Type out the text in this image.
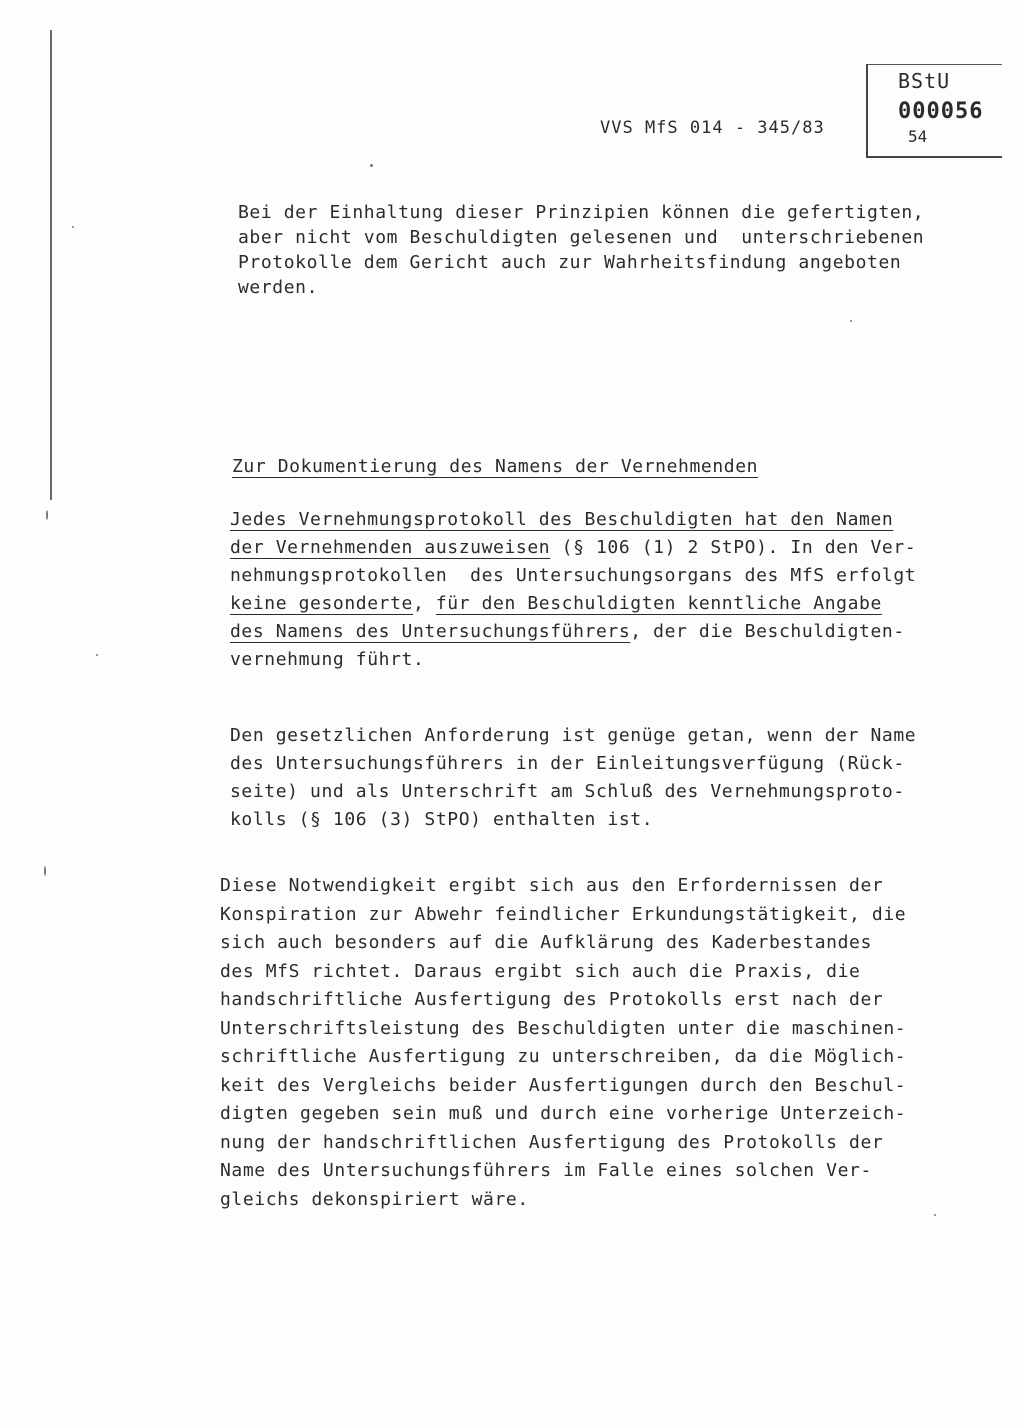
BStU
000056
54
VVS MfS 014 - 345/83
Bei der Einhaltung dieser Prinzipien können die gefertigten,
aber nicht vom Beschuldigten gelesenen und  unterschriebenen
Protokolle dem Gericht auch zur Wahrheitsfindung angeboten
werden.
Zur Dokumentierung des Namens der Vernehmenden
Jedes Vernehmungsprotokoll des Beschuldigten hat den Namen
der Vernehmenden auszuweisen (§ 106 (1) 2 StPO). In den Ver-
nehmungsprotokollen  des Untersuchungsorgans des MfS erfolgt
keine gesonderte, für den Beschuldigten kenntliche Angabe
des Namens des Untersuchungsführers, der die Beschuldigten-
vernehmung führt.
Den gesetzlichen Anforderung ist genüge getan, wenn der Name
des Untersuchungsführers in der Einleitungsverfügung (Rück-
seite) und als Unterschrift am Schluß des Vernehmungsproto-
kolls (§ 106 (3) StPO) enthalten ist.
Diese Notwendigkeit ergibt sich aus den Erfordernissen der
Konspiration zur Abwehr feindlicher Erkundungstätigkeit, die
sich auch besonders auf die Aufklärung des Kaderbestandes
des MfS richtet. Daraus ergibt sich auch die Praxis, die
handschriftliche Ausfertigung des Protokolls erst nach der
Unterschriftsleistung des Beschuldigten unter die maschinen-
schriftliche Ausfertigung zu unterschreiben, da die Möglich-
keit des Vergleichs beider Ausfertigungen durch den Beschul-
digten gegeben sein muß und durch eine vorherige Unterzeich-
nung der handschriftlichen Ausfertigung des Protokolls der
Name des Untersuchungsführers im Falle eines solchen Ver-
gleichs dekonspiriert wäre.
